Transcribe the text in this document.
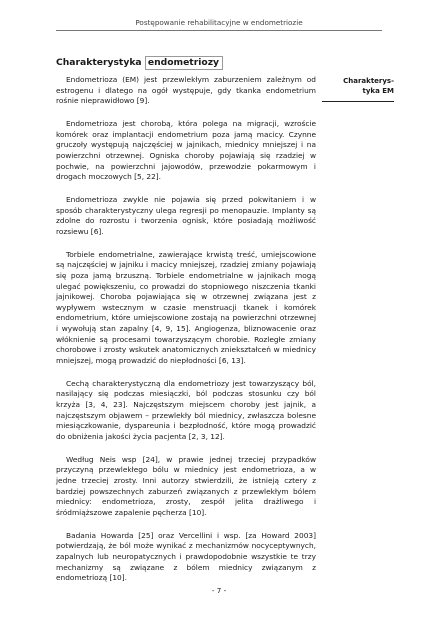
Postępowanie rehabilitacyjne w endometriozie
Charakterystyka endometriozy
Charakterys-
tyka EM

Endometrioza (EM) jest przewlekłym zaburzeniem zależnym od estrogenu i dlatego na ogół występuje, gdy tkanka endometrium rośnie nieprawidłowo [9].

Endometrioza jest chorobą, która polega na migracji, wzroście komórek oraz implantacji endometrium poza jamą macicy. Czynne gruczoły występują najczęściej w jajnikach, miednicy mniejszej i na powierzchni otrzewnej. Ogniska choroby pojawiają się rzadziej w pochwie, na powierzchni jajowodów, przewodzie pokarmowym i drogach moczowych [5, 22].

Endometrioza zwykle nie pojawia się przed pokwitaniem i w sposób charakterystyczny ulega regresji po menopauzie. Implanty są zdolne do rozrostu i tworzenia ognisk, które posiadają możliwość rozsiewu [6].

Torbiele endometrialne, zawierające krwistą treść, umiejscowione są najczęściej w jajniku i macicy mniejszej, rzadziej zmiany pojawiają się poza jamą brzuszną. Torbiele endometrialne w jajnikach mogą ulegać powiększeniu, co prowadzi do stopniowego niszczenia tkanki jajnikowej. Choroba pojawiająca się w otrzewnej związana jest z wypływem wstecznym w czasie menstruacji tkanek i komórek endometrium, które umiejscowione zostają na powierzchni otrzewnej i wywołują stan zapalny [4, 9, 15]. Angiogenza, bliznowacenie oraz włóknienie są procesami towarzyszącym chorobie. Rozległe zmiany chorobowe i zrosty wskutek anatomicznych zniekształceń w miednicy mniejszej, mogą prowadzić do niepłodności [6, 13].

Cechą charakterystyczną dla endometriozy jest towarzyszący ból, nasilający się podczas miesiączki, ból podczas stosunku czy ból krzyża [3, 4, 23]. Najczęstszym miejscem choroby jest jajnik, a najczęstszym objawem – przewlekły ból miednicy, zwłaszcza bolesne miesiączkowanie, dyspareunia i bezpłodność, które mogą prowadzić do obniżenia jakości życia pacjenta [2, 3, 12].

Według Neis wsp [24], w prawie jednej trzeciej przypadków przyczyną przewlekłego bólu w miednicy jest endometrioza, a w jedne trzeciej zrosty. Inni autorzy stwierdzili, że istnieją cztery z bardziej powszechnych zaburzeń związanych z przewlekłym bólem miednicy: endometrioza, zrosty, zespół jelita drażliwego i śródmiąższowe zapalenie pęcherza [10].

Badania Howarda [25] oraz Vercellini i wsp. [za Howard 2003] potwierdzają, że ból może wynikać z mechanizmów nocyceptywnych, zapalnych lub neuropatycznych i prawdopodobnie wszystkie te trzy mechanizmy są związane z bólem miednicy związanym z endometriozą [10].

- 7 -
